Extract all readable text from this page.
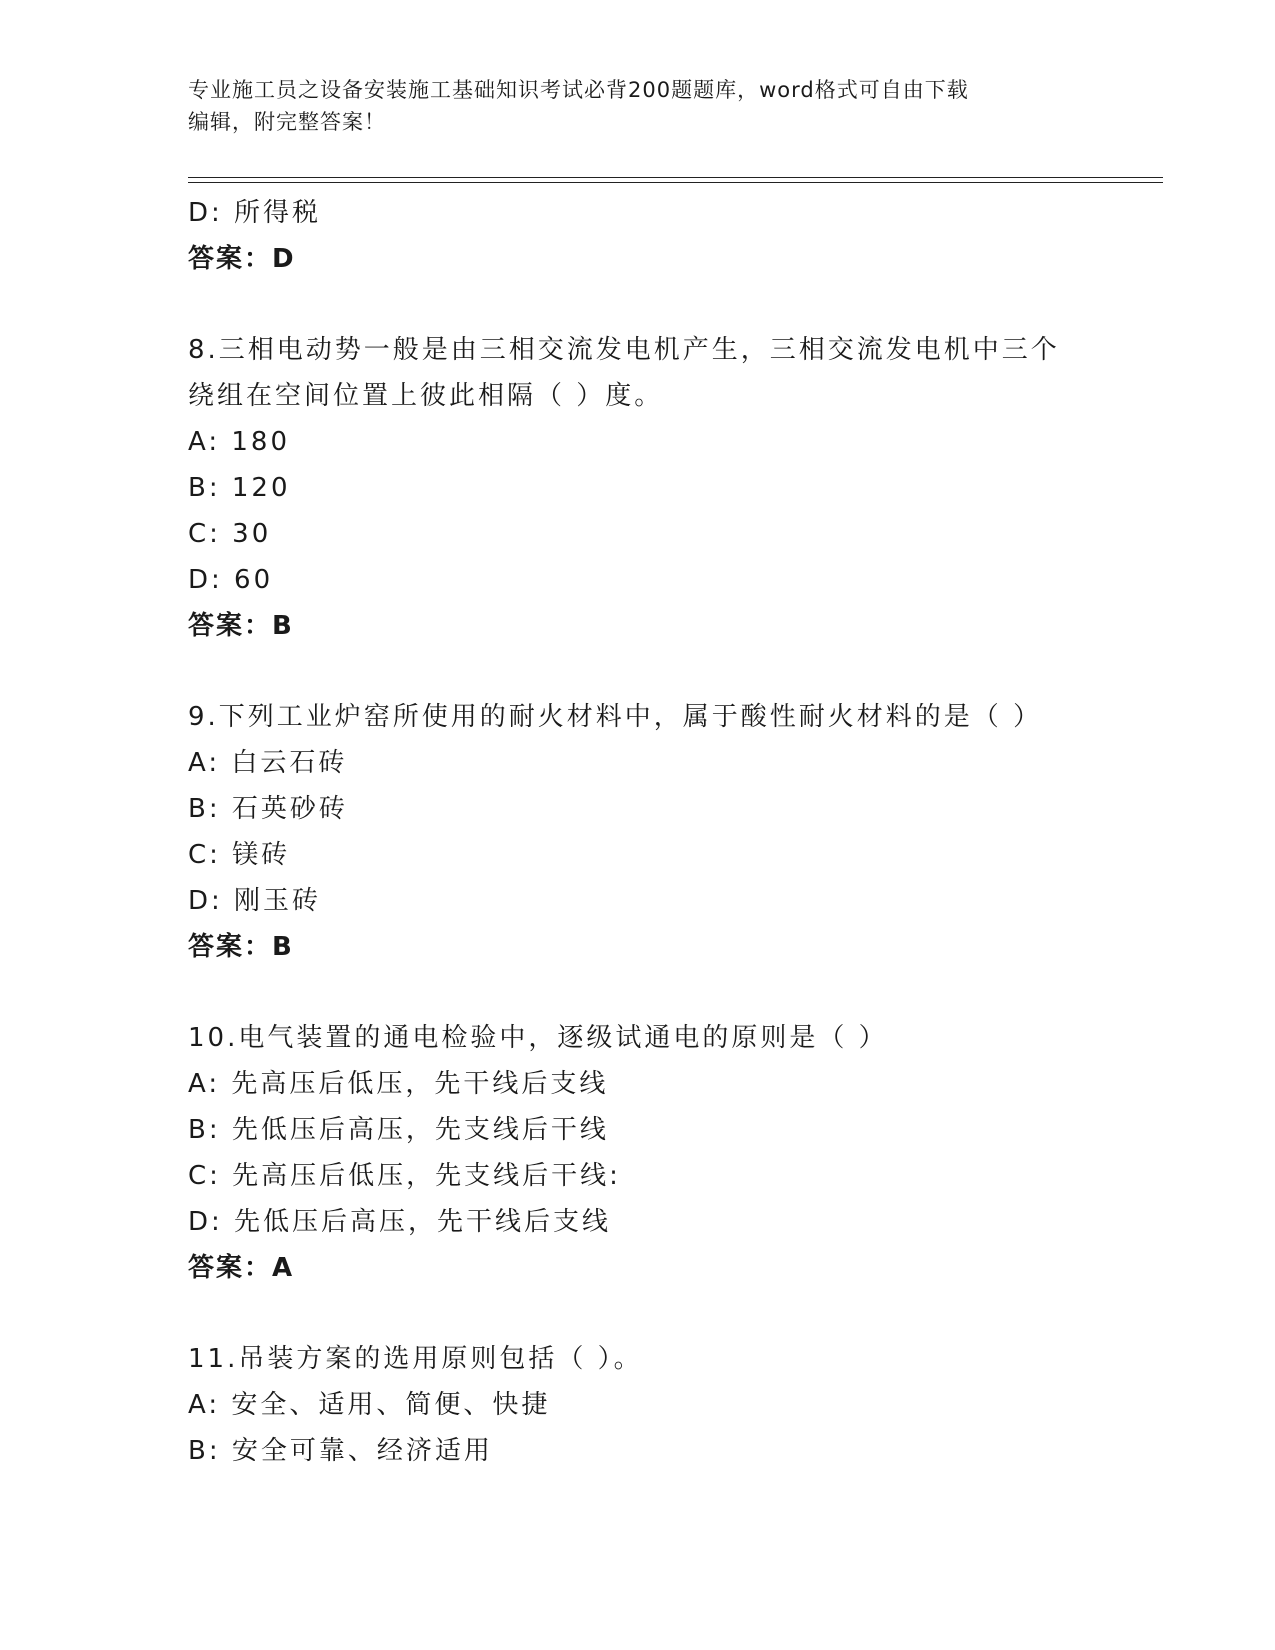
专业施工员之设备安装施工基础知识考试必背200题题库，word格式可自由下载
编辑，附完整答案！
D: 所得税
答案：D
8.三相电动势一般是由三相交流发电机产生，三相交流发电机中三个
绕组在空间位置上彼此相隔（ ）度。
A: 180
B: 120
C: 30
D: 60
答案：B
9.下列工业炉窑所使用的耐火材料中，属于酸性耐火材料的是（ ）
A: 白云石砖
B: 石英砂砖
C: 镁砖
D: 刚玉砖
答案：B
10.电气装置的通电检验中，逐级试通电的原则是（ ）
A: 先高压后低压，先干线后支线
B: 先低压后高压，先支线后干线
C: 先高压后低压，先支线后干线:
D: 先低压后高压，先干线后支线
答案：A
11.吊装方案的选用原则包括（ ）。
A: 安全、适用、简便、快捷
B: 安全可靠、经济适用
